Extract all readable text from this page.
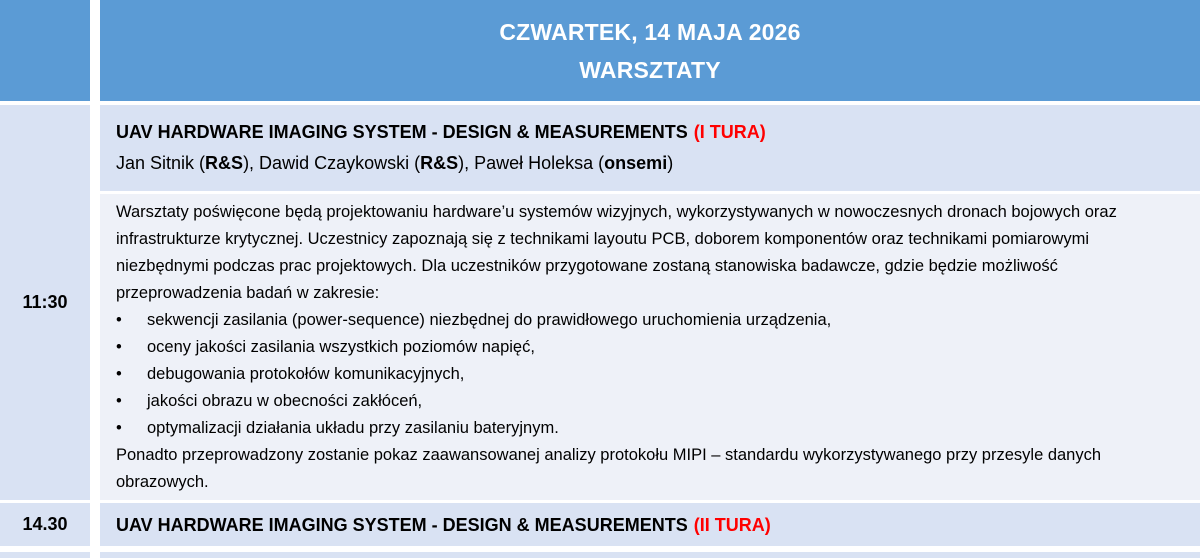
CZWARTEK, 14 MAJA 2026
WARSZTATY
11:30
UAV HARDWARE IMAGING SYSTEM - DESIGN & MEASUREMENTS (I TURA)
Jan Sitnik (R&S), Dawid Czaykowski (R&S), Paweł Holeksa (onsemi)

Warsztaty poświęcone będą projektowaniu hardware’u systemów wizyjnych, wykorzystywanych w nowoczesnych dronach bojowych oraz infrastrukturze krytycznej. Uczestnicy zapoznają się z technikami layoutu PCB, doborem komponentów oraz technikami pomiarowymi niezbędnymi podczas prac projektowych. Dla uczestników przygotowane zostaną stanowiska badawcze, gdzie będzie możliwość przeprowadzenia badań w zakresie:

• sekwencji zasilania (power-sequence) niezbędnej do prawidłowego uruchomienia urządzenia,
• oceny jakości zasilania wszystkich poziomów napięć,
• debugowania protokołów komunikacyjnych,
• jakości obrazu w obecności zakłóceń,
• optymalizacji działania układu przy zasilaniu bateryjnym.

Ponadto przeprowadzony zostanie pokaz zaawansowanej analizy protokołu MIPI – standardu wykorzystywanego przy przesyle danych obrazowych.

14.30	UAV HARDWARE IMAGING SYSTEM - DESIGN & MEASUREMENTS (II TURA)
